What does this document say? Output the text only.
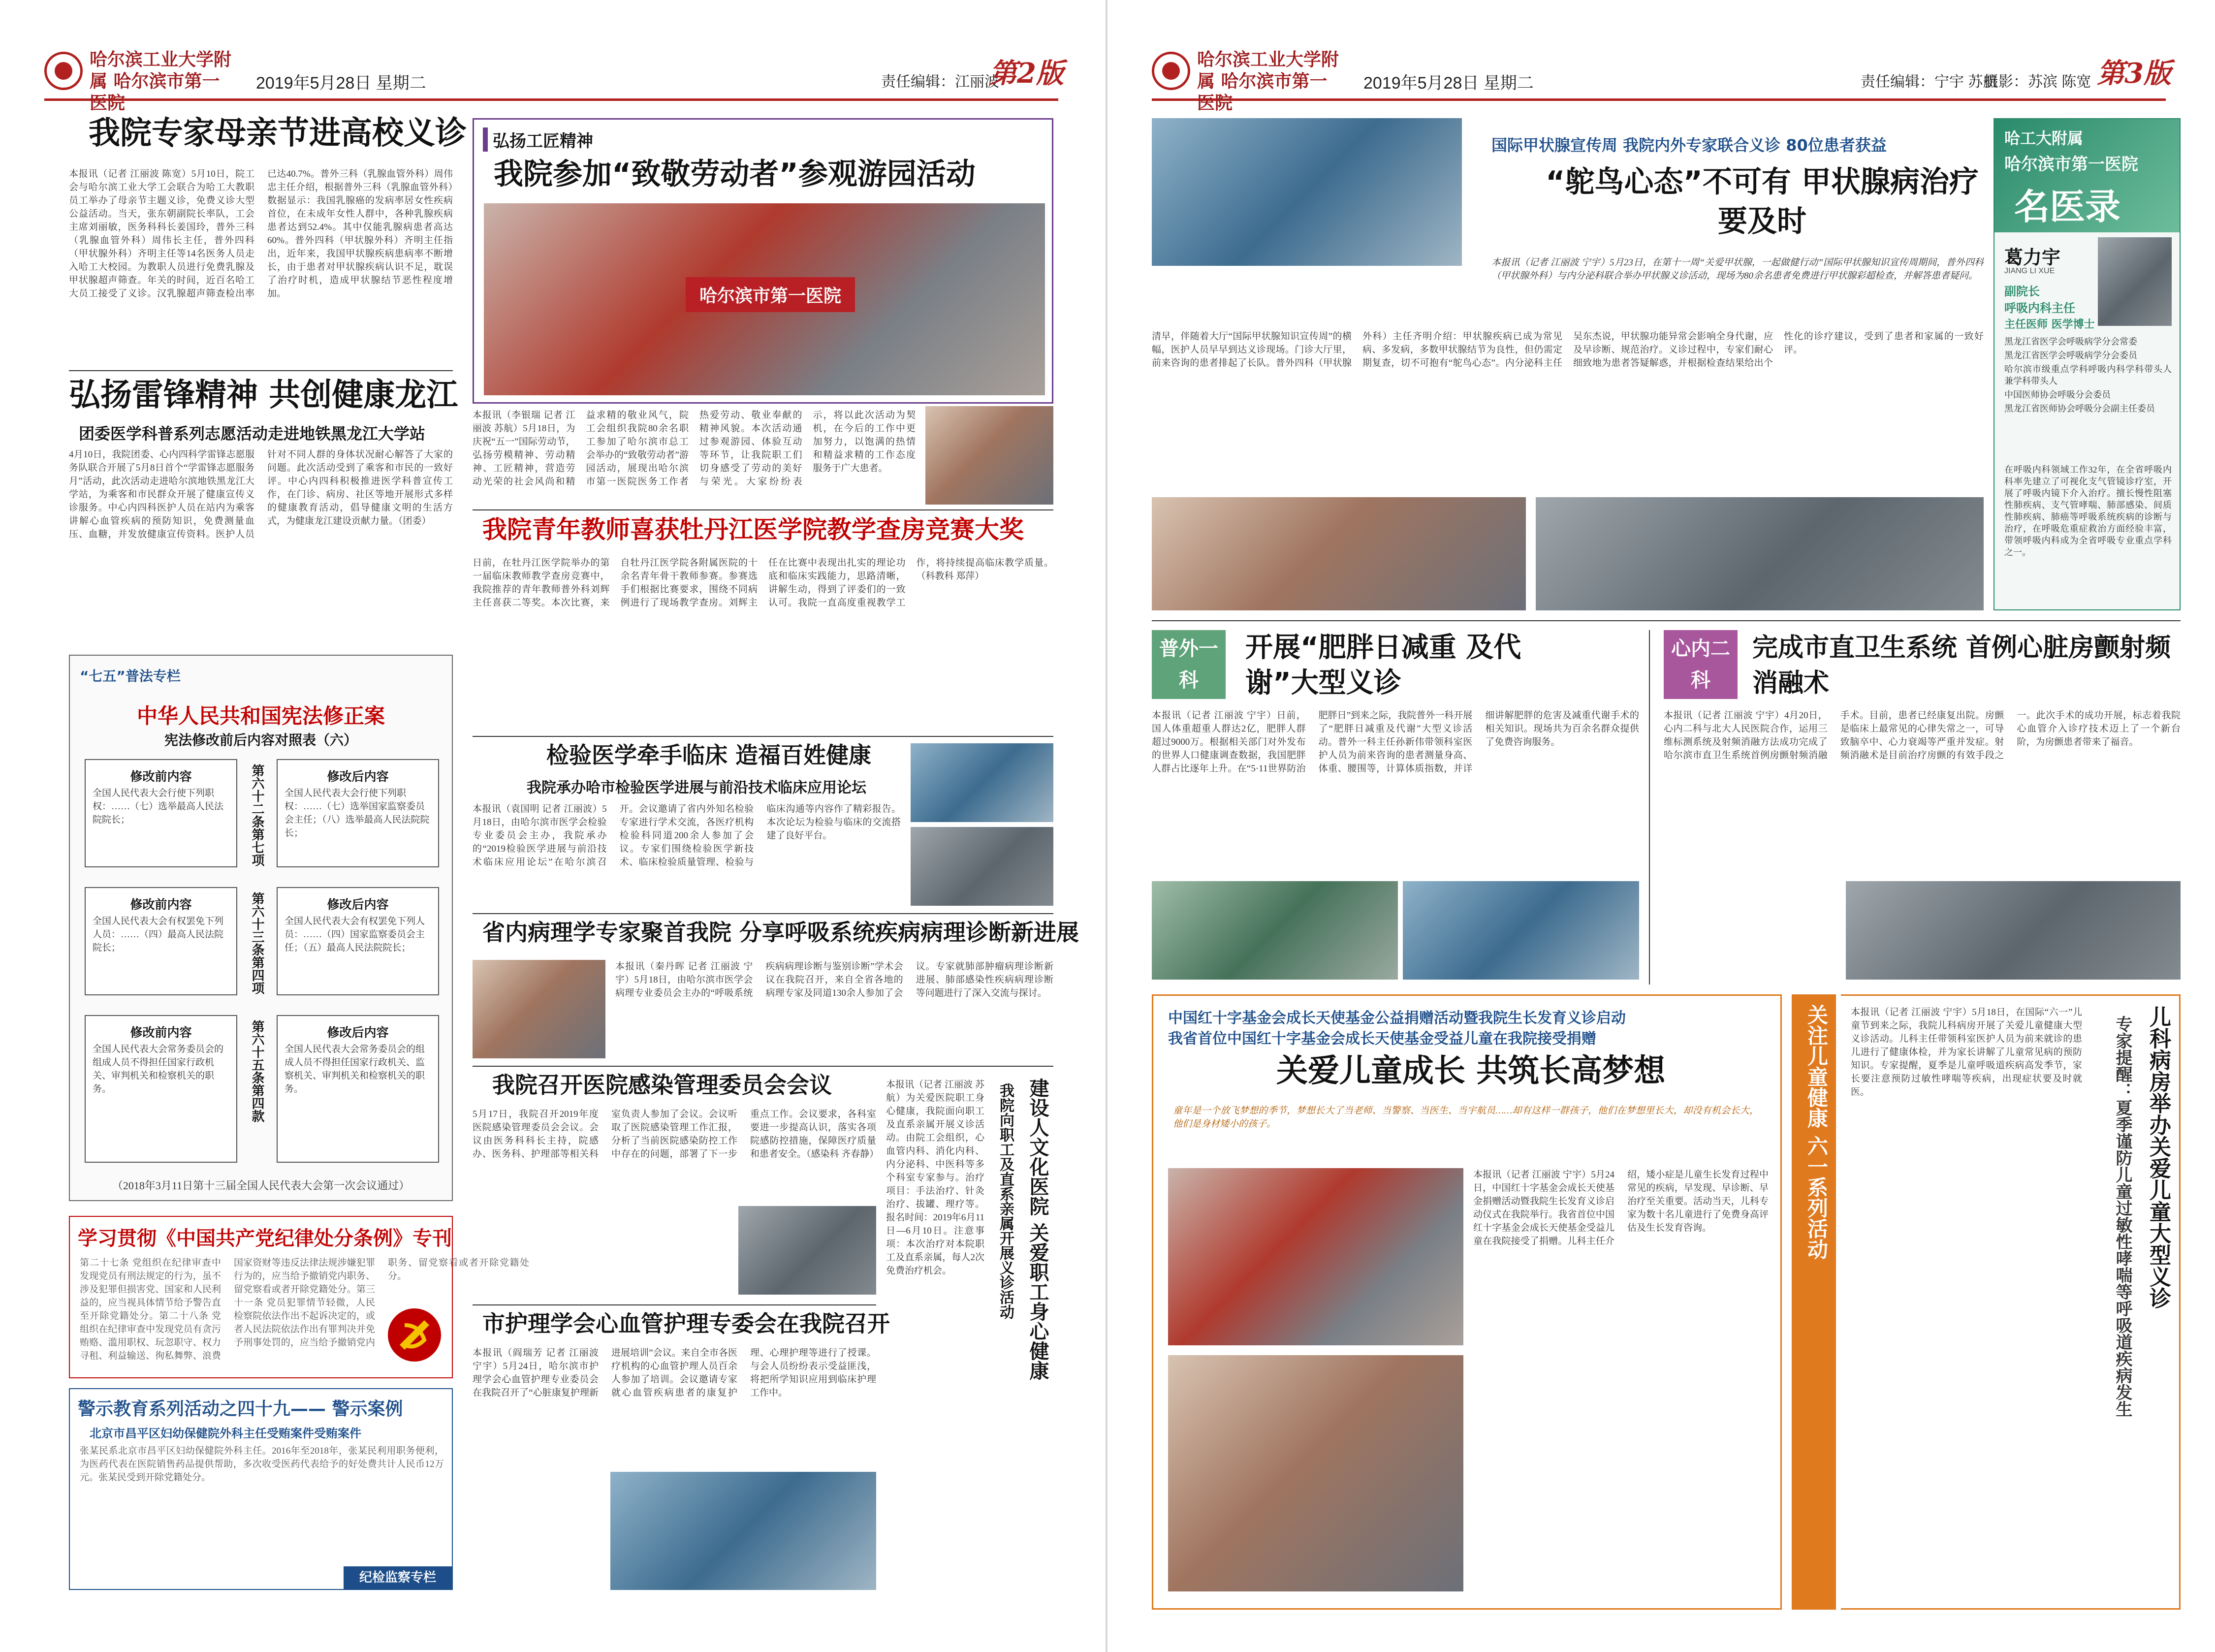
哈尔滨工业大学附属 哈尔滨市第一医院
2019年5月28日 星期二	责任编辑：江丽波
第2版
我院专家母亲节进高校义诊
本报讯（记者 江丽波 陈宽）5月10日，院工会与哈尔滨工业大学工会联合为哈工大教职员工举办了母亲节主题义诊，免费义诊大型公益活动。当天，张东朝副院长率队，工会主席刘丽敏，医务科科长姜国玲，普外三科（乳腺血管外科）周伟长主任，普外四科（甲状腺外科）齐明主任等14名医务人员走入哈工大校园。为教职人员进行免费乳腺及甲状腺超声筛查。年关的时间，近百名哈工大员工接受了义诊。汉乳腺超声筛查检出率已达40.7%。普外三科（乳腺血管外科）周伟忠主任介绍，根据普外三科（乳腺血管外科）数据显示：我国乳腺癌的发病率居女性疾病首位，在未成年女性人群中，各种乳腺疾病患者达到52.4%。其中仅能乳腺病患者高达60%。普外四科（甲状腺外科）齐明主任指出，近年来，我国甲状腺疾病患病率不断增长，由于患者对甲状腺疾病认识不足，耽误了治疗时机，造成甲状腺结节恶性程度增加。
弘扬雷锋精神 共创健康龙江
团委医学科普系列志愿活动走进地铁黑龙江大学站
4月10日，我院团委、心内四科学雷锋志愿服务队联合开展了5月8日首个“学雷锋志愿服务月”活动，此次活动走进哈尔滨地铁黑龙江大学站，为乘客和市民群众开展了健康宣传义诊服务。中心内四科医护人员在站内为乘客讲解心血管疾病的预防知识，免费测量血压、血糖，并发放健康宣传资料。医护人员针对不同人群的身体状况耐心解答了大家的问题。此次活动受到了乘客和市民的一致好评。中心内四科积极推进医学科普宣传工作，在门诊、病房、社区等地开展形式多样的健康教育活动，倡导健康文明的生活方式，为健康龙江建设贡献力量。（团委）
“七五”普法专栏
中华人民共和国宪法修正案
宪法修改前后内容对照表（六）
修改前内容
全国人民代表大会行使下列职权：……（七）选举最高人民法院院长；	第六十二条第七项	修改后内容
全国人民代表大会行使下列职权：……（七）选举国家监察委员会主任；（八）选举最高人民法院院长；
修改前内容
全国人民代表大会有权罢免下列人员：……（四）最高人民法院院长；	第六十三条第四项	修改后内容
全国人民代表大会有权罢免下列人员：……（四）国家监察委员会主任；（五）最高人民法院院长；
修改前内容
全国人民代表大会常务委员会的组成人员不得担任国家行政机关、审判机关和检察机关的职务。	第六十五条第四款	修改后内容
全国人民代表大会常务委员会的组成人员不得担任国家行政机关、监察机关、审判机关和检察机关的职务。
（2018年3月11日第十三届全国人民代表大会第一次会议通过）
学习贯彻《中国共产党纪律处分条例》专刊
第二十七条 党组织在纪律审查中发现党员有刑法规定的行为，虽不涉及犯罪但损害党、国家和人民利益的，应当视具体情节给予警告直至开除党籍处分。第二十八条 党组织在纪律审查中发现党员有贪污贿赂、滥用职权、玩忽职守、权力寻租、利益输送、徇私舞弊、浪费国家资财等违反法律法规涉嫌犯罪行为的，应当给予撤销党内职务、留党察看或者开除党籍处分。第三十一条 党员犯罪情节轻微，人民检察院依法作出不起诉决定的，或者人民法院依法作出有罪判决并免予刑事处罚的，应当给予撤销党内职务、留党察看或者开除党籍处分。
警示教育系列活动之四十九—— 警示案例
北京市昌平区妇幼保健院外科主任受贿案件受贿案件
张某民系北京市昌平区妇幼保健院外科主任。2016年至2018年，张某民利用职务便利，为医药代表在医院销售药品提供帮助，多次收受医药代表给予的好处费共计人民币12万元。张某民受到开除党籍处分。
纪检监察专栏
弘扬工匠精神
我院参加“致敬劳动者”参观游园活动
哈尔滨市第一医院
本报讯（李银瑞 记者 江丽波 苏航）5月18日，为庆祝“五一”国际劳动节，弘扬劳模精神、劳动精神、工匠精神，营造劳动光荣的社会风尚和精益求精的敬业风气，院工会组织我院80余名职工参加了哈尔滨市总工会举办的“致敬劳动者”游园活动，展现出哈尔滨市第一医院医务工作者热爱劳动、敬业奉献的精神风貌。本次活动通过参观游园、体验互动等环节，让我院职工们切身感受了劳动的美好与荣光。大家纷纷表示，将以此次活动为契机，在今后的工作中更加努力，以饱满的热情和精益求精的工作态度服务于广大患者。
我院青年教师喜获牡丹江医学院教学查房竞赛大奖
日前，在牡丹江医学院举办的第一届临床教师教学查房竞赛中，我院推荐的青年教师普外科刘辉主任喜获二等奖。本次比赛，来自牡丹江医学院各附属医院的十余名青年骨干教师参赛。参赛选手们根据比赛要求，围绕不同病例进行了现场教学查房。刘辉主任在比赛中表现出扎实的理论功底和临床实践能力，思路清晰，讲解生动，得到了评委们的一致认可。我院一直高度重视教学工作，将持续提高临床教学质量。（科教科 郑萍）
检验医学牵手临床 造福百姓健康
我院承办哈市检验医学进展与前沿技术临床应用论坛
本报讯（袁国明 记者 江丽波）5月18日，由哈尔滨市医学会检验专业委员会主办，我院承办的“2019检验医学进展与前沿技术临床应用论坛”在哈尔滨召开。会议邀请了省内外知名检验专家进行学术交流，各医疗机构检验科同道200余人参加了会议。专家们围绕检验医学新技术、临床检验质量管理、检验与临床沟通等内容作了精彩报告。本次论坛为检验与临床的交流搭建了良好平台。
省内病理学专家聚首我院 分享呼吸系统疾病病理诊断新进展
本报讯（秦丹晖 记者 江丽波 宁宇）5月18日，由哈尔滨市医学会病理专业委员会主办的“呼吸系统疾病病理诊断与鉴别诊断”学术会议在我院召开，来自全省各地的病理专家及同道130余人参加了会议。专家就肺部肿瘤病理诊断新进展、肺部感染性疾病病理诊断等问题进行了深入交流与探讨。
我院召开医院感染管理委员会会议
5月17日，我院召开2019年度医院感染管理委员会会议。会议由医务科科长主持，院感办、医务科、护理部等相关科室负责人参加了会议。会议听取了医院感染管理工作汇报，分析了当前医院感染防控工作中存在的问题，部署了下一步重点工作。会议要求，各科室要进一步提高认识，落实各项院感防控措施，保障医疗质量和患者安全。（感染科 齐春静）
市护理学会心血管护理专委会在我院召开
本报讯（阎瑞芳 记者 江丽波 宁宇）5月24日，哈尔滨市护理学会心血管护理专业委员会在我院召开了“心脏康复护理新进展培训”会议。来自全市各医疗机构的心血管护理人员百余人参加了培训。会议邀请专家就心血管疾病患者的康复护理、心理护理等进行了授课。与会人员纷纷表示受益匪浅，将把所学知识应用到临床护理工作中。
本报讯（记者 江丽波 苏航）为关爱医院职工身心健康，我院面向职工及直系亲属开展义诊活动。由院工会组织，心血管内科、消化内科、内分泌科、中医科等多个科室专家参与。治疗项目：手法治疗、针灸治疗、拔罐、理疗等。报名时间：2019年6月11日—6月10日。注意事项：本次治疗对本院职工及直系亲属，每人2次免费治疗机会。	建设人文化医院 关爱职工身心健康
我院向职工及直系亲属开展义诊活动
哈尔滨工业大学附属 哈尔滨市第一医院
2019年5月28日 星期二	责任编辑：宁宇 苏航
摄影：苏滨 陈宽 第3版
国际甲状腺宣传周 我院内外专家联合义诊 80位患者获益
“鸵鸟心态”不可有 甲状腺病治疗要及时
本报讯（记者 江丽波 宁宇）5月23日，在第十一周“关爱甲状腺，一起做健行动”国际甲状腺知识宣传周期间，普外四科（甲状腺外科）与内分泌科联合举办甲状腺义诊活动，现场为80余名患者免费进行甲状腺彩超检查，并解答患者疑问。
清早，伴随着大厅“国际甲状腺知识宣传周”的横幅，医护人员早早到达义诊现场。门诊大厅里，前来咨询的患者排起了长队。普外四科（甲状腺外科）主任齐明介绍：甲状腺疾病已成为常见病、多发病，多数甲状腺结节为良性，但仍需定期复查，切不可抱有“鸵鸟心态”。内分泌科主任吴东杰说，甲状腺功能异常会影响全身代谢，应及早诊断、规范治疗。义诊过程中，专家们耐心细致地为患者答疑解惑，并根据检查结果给出个性化的诊疗建议，受到了患者和家属的一致好评。
哈工大附属
哈尔滨市第一医院
名医录
葛力宇
JIANG LI XUE
副院长
呼吸内科主任
主任医师 医学博士
黑龙江省医学会呼吸病学分会常委
黑龙江省医学会呼吸病学分会委员
哈尔滨市级重点学科呼吸内科学科带头人兼学科带头人
中国医师协会呼吸分会委员
黑龙江省医师协会呼吸分会副主任委员
在呼吸内科领域工作32年，在全省呼吸内科率先建立了可视化支气管镜诊疗室，开展了呼吸内镜下介入治疗。擅长慢性阻塞性肺疾病、支气管哮喘、肺部感染、间质性肺疾病、肺癌等呼吸系统疾病的诊断与治疗，在呼吸危重症救治方面经验丰富，带领呼吸内科成为全省呼吸专业重点学科之一。
普外一科
开展“肥胖日减重 及代谢”大型义诊
本报讯（记者 江丽波 宁宇）日前，国人体重超重人群达2亿，肥胖人群超过9000万。根据相关部门对外发布的世界人口健康调查数据，我国肥胖人群占比逐年上升。在“5·11世界防治肥胖日”到来之际，我院普外一科开展了“肥胖日减重及代谢”大型义诊活动。普外一科主任孙新伟带领科室医护人员为前来咨询的患者测量身高、体重、腰围等，计算体质指数，并详细讲解肥胖的危害及减重代谢手术的相关知识。现场共为百余名群众提供了免费咨询服务。
心内二科
完成市直卫生系统 首例心脏房颤射频消融术
本报讯（记者 江丽波 宁宇）4月20日，心内二科与北大人民医院合作，运用三维标测系统及射频消融方法成功完成了哈尔滨市直卫生系统首例房颤射频消融手术。目前，患者已经康复出院。房颤是临床上最常见的心律失常之一，可导致脑卒中、心力衰竭等严重并发症。射频消融术是目前治疗房颤的有效手段之一。此次手术的成功开展，标志着我院心血管介入诊疗技术迈上了一个新台阶，为房颤患者带来了福音。
中国红十字基金会成长天使基金公益捐赠活动暨我院生长发育义诊启动
我省首位中国红十字基金会成长天使基金受益儿童在我院接受捐赠
关爱儿童成长 共筑长高梦想
童年是一个放飞梦想的季节，梦想长大了当老师、当警察、当医生、当宇航员……却有这样一群孩子，他们在梦想里长大，却没有机会长大，他们是身材矮小的孩子。
本报讯（记者 江丽波 宁宇）5月24日，中国红十字基金会成长天使基金捐赠活动暨我院生长发育义诊启动仪式在我院举行。我省首位中国红十字基金会成长天使基金受益儿童在我院接受了捐赠。儿科主任介绍，矮小症是儿童生长发育过程中常见的疾病，早发现、早诊断、早治疗至关重要。活动当天，儿科专家为数十名儿童进行了免费身高评估及生长发育咨询。	关注儿童健康 六一系列活动 本报讯（记者 江丽波 宁宇）5月18日，在国际“六一”儿童节到来之际，我院儿科病房开展了关爱儿童健康大型义诊活动。儿科主任带领科室医护人员为前来就诊的患儿进行了健康体检，并为家长讲解了儿童常见病的预防知识。专家提醒，夏季是儿童呼吸道疾病高发季节，家长要注意预防过敏性哮喘等疾病，出现症状要及时就医。	儿科病房举办关爱儿童大型义诊
专家提醒：夏季谨防儿童过敏性哮喘等呼吸道疾病发生
